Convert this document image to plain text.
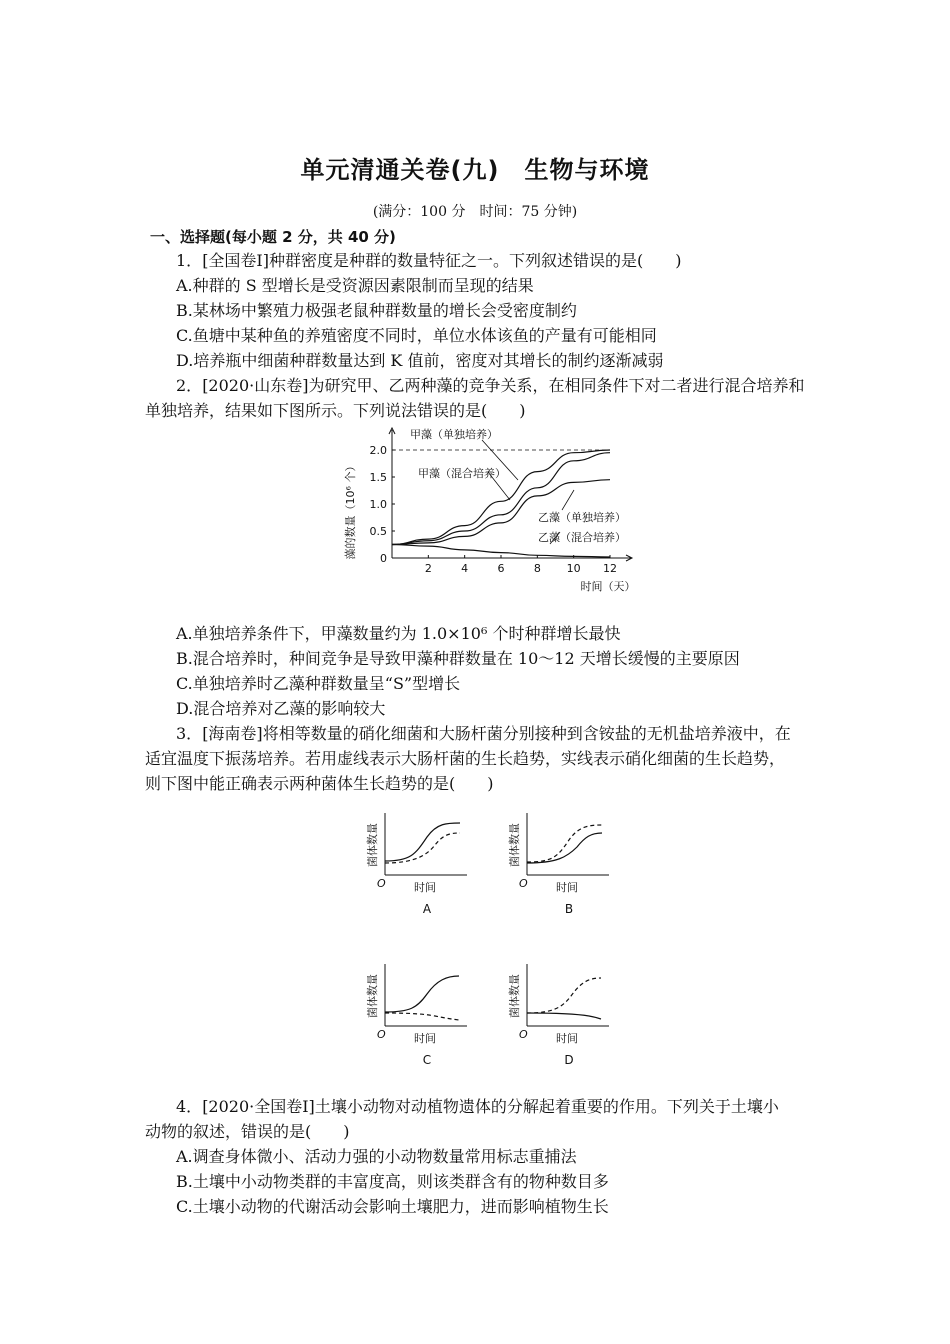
单元清通关卷(九)　生物与环境
(满分：100 分　时间：75 分钟)
一、选择题(每小题 2 分，共 40 分)
1．[全国卷Ⅰ]种群密度是种群的数量特征之一。下列叙述错误的是(　　)
A.种群的 S 型增长是受资源因素限制而呈现的结果
B.某林场中繁殖力极强老鼠种群数量的增长会受密度制约
C.鱼塘中某种鱼的养殖密度不同时，单位水体该鱼的产量有可能相同
D.培养瓶中细菌种群数量达到 K 值前，密度对其增长的制约逐渐减弱
2．[2020·山东卷]为研究甲、乙两种藻的竞争关系，在相同条件下对二者进行混合培养和
单独培养，结果如下图所示。下列说法错误的是(　　)
2	4	6	8 10 12
0
0.5
1.0
1.5
2.0
藻的数量（10⁶ 个）
时间（天）
甲藻（单独培养）
甲藻（混合培养）
乙藻（单独培养）
乙藻（混合培养）
A.单独培养条件下，甲藻数量约为 1.0×10⁶ 个时种群增长最快
B.混合培养时，种间竞争是导致甲藻种群数量在 10～12 天增长缓慢的主要原因
C.单独培养时乙藻种群数量呈“S”型增长
D.混合培养对乙藻的影响较大
3．[海南卷]将相等数量的硝化细菌和大肠杆菌分别接种到含铵盐的无机盐培养液中，在
适宜温度下振荡培养。若用虚线表示大肠杆菌的生长趋势，实线表示硝化细菌的生长趋势，
则下图中能正确表示两种菌体生长趋势的是(　　)
菌体数量
时间
O
A
菌体数量
时间
O
B
菌体数量
时间
O
C
菌体数量
时间
O
D
4．[2020·全国卷Ⅰ]土壤小动物对动植物遗体的分解起着重要的作用。下列关于土壤小
动物的叙述，错误的是(　　)
A.调查身体微小、活动力强的小动物数量常用标志重捕法
B.土壤中小动物类群的丰富度高，则该类群含有的物种数目多
C.土壤小动物的代谢活动会影响土壤肥力，进而影响植物生长
